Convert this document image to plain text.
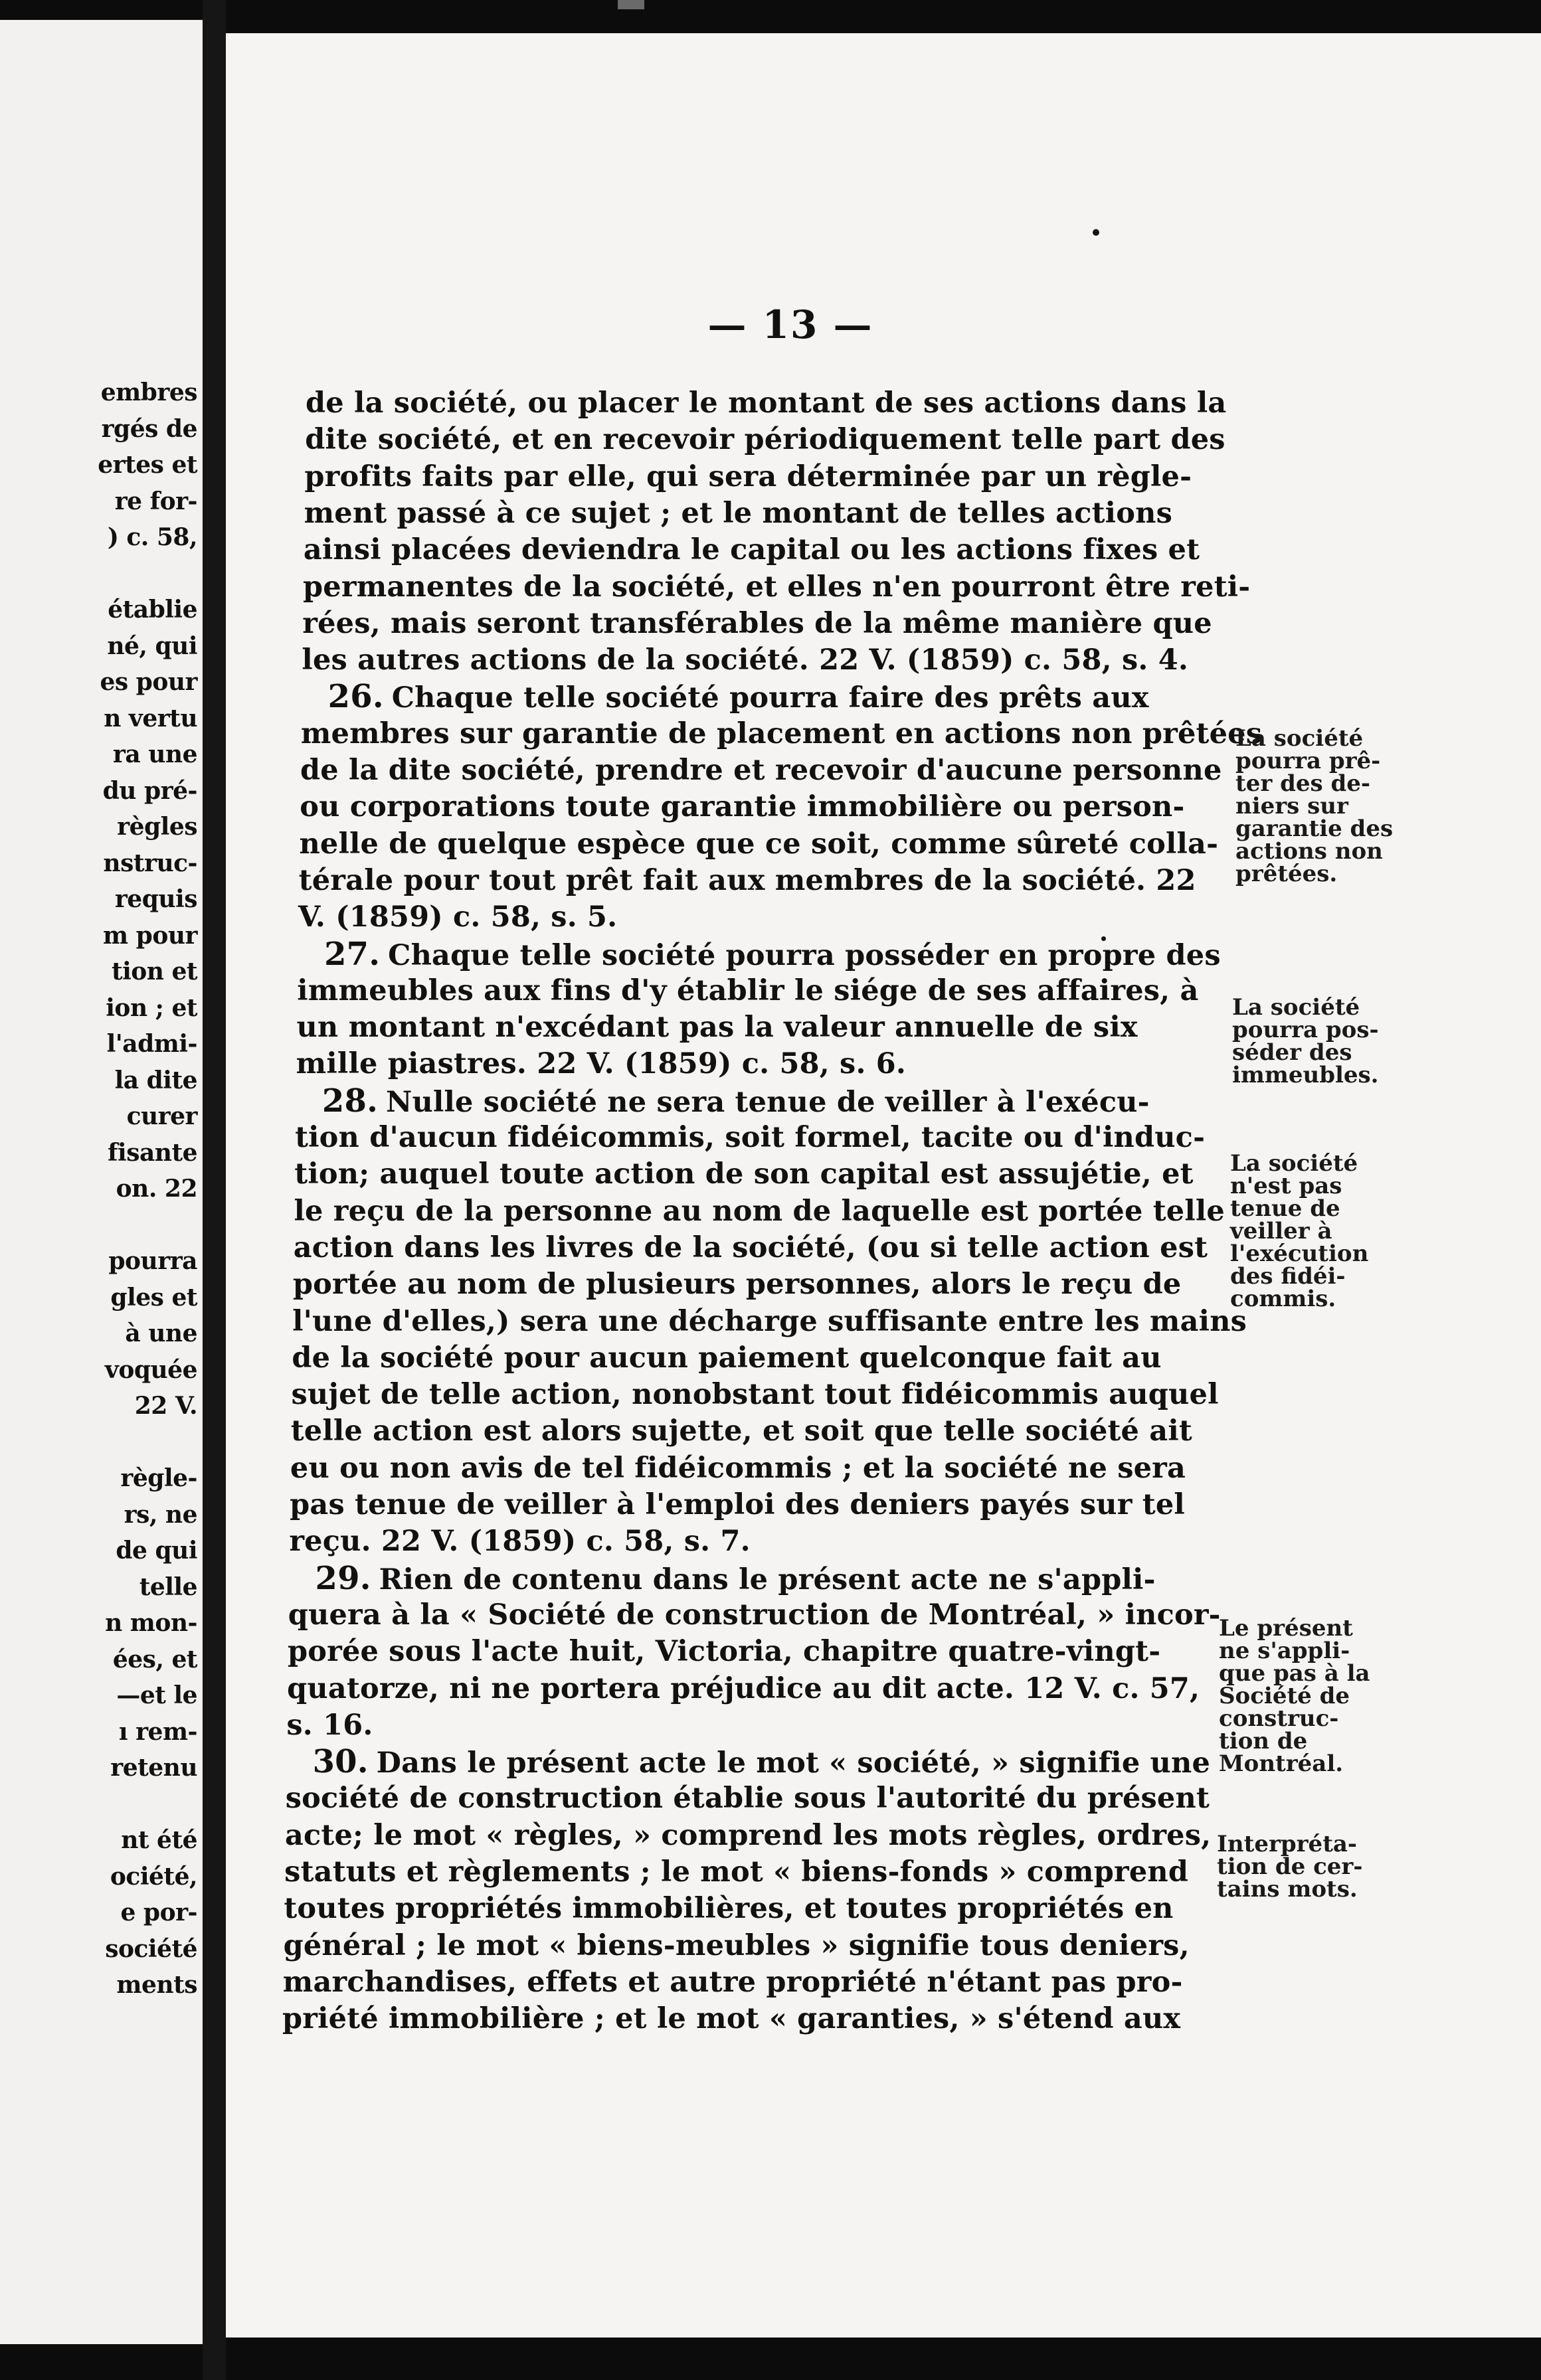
embres
rgés de
ertes et
re for-
) c. 58,
établie
né, qui
es pour
n vertu
ra une
du pré-
règles
nstruc-
requis
m pour
tion et
ion ; et
l'admi-
la dite
curer
fisante
on. 22
pourra
gles et
à une
voquée
22 V.
règle-
rs, ne
de qui
telle
n mon-
ées, et
—et le
ı rem-
retenu
nt été
ociété,
e por-
société
ments
— 13 —
de la société, ou placer le montant de ses actions dans la
dite société, et en recevoir périodiquement telle part des
profits faits par elle, qui sera déterminée par un règle-
ment passé à ce sujet ; et le montant de telles actions
ainsi placées deviendra le capital ou les actions fixes et
permanentes de la société, et elles n'en pourront être reti-
rées, mais seront transférables de la même manière que
les autres actions de la société. 22 V. (1859) c. 58, s. 4.
26. Chaque telle société pourra faire des prêts aux
membres sur garantie de placement en actions non prêtées
de la dite société, prendre et recevoir d'aucune personne
ou corporations toute garantie immobilière ou person-
nelle de quelque espèce que ce soit, comme sûreté colla-
térale pour tout prêt fait aux membres de la société. 22
V. (1859) c. 58, s. 5.
27. Chaque telle société pourra posséder en propre des
immeubles aux fins d'y établir le siége de ses affaires, à
un montant n'excédant pas la valeur annuelle de six
mille piastres. 22 V. (1859) c. 58, s. 6.
28. Nulle société ne sera tenue de veiller à l'exécu-
tion d'aucun fidéicommis, soit formel, tacite ou d'induc-
tion; auquel toute action de son capital est assujétie, et
le reçu de la personne au nom de laquelle est portée telle
action dans les livres de la société, (ou si telle action est
portée au nom de plusieurs personnes, alors le reçu de
l'une d'elles,) sera une décharge suffisante entre les mains
de la société pour aucun paiement quelconque fait au
sujet de telle action, nonobstant tout fidéicommis auquel
telle action est alors sujette, et soit que telle société ait
eu ou non avis de tel fidéicommis ; et la société ne sera
pas tenue de veiller à l'emploi des deniers payés sur tel
reçu. 22 V. (1859) c. 58, s. 7.
29. Rien de contenu dans le présent acte ne s'appli-
quera à la « Société de construction de Montréal, » incor-
porée sous l'acte huit, Victoria, chapitre quatre-vingt-
quatorze, ni ne portera préjudice au dit acte. 12 V. c. 57,
s. 16.
30. Dans le présent acte le mot « société, » signifie une
société de construction établie sous l'autorité du présent
acte; le mot « règles, » comprend les mots règles, ordres,
statuts et règlements ; le mot « biens-fonds » comprend
toutes propriétés immobilières, et toutes propriétés en
général ; le mot « biens-meubles » signifie tous deniers,
marchandises, effets et autre propriété n'étant pas pro-
priété immobilière ; et le mot « garanties, » s'étend aux
La société
pourra prê-
ter des de-
niers sur
garantie des
actions non
prêtées.
La société
pourra pos-
séder des
immeubles.
La société
n'est pas
tenue de
veiller à
l'exécution
des fidéi-
commis.
Le présent
ne s'appli-
que pas à la
Société de
construc-
tion de
Montréal.
Interpréta-
tion de cer-
tains mots.
